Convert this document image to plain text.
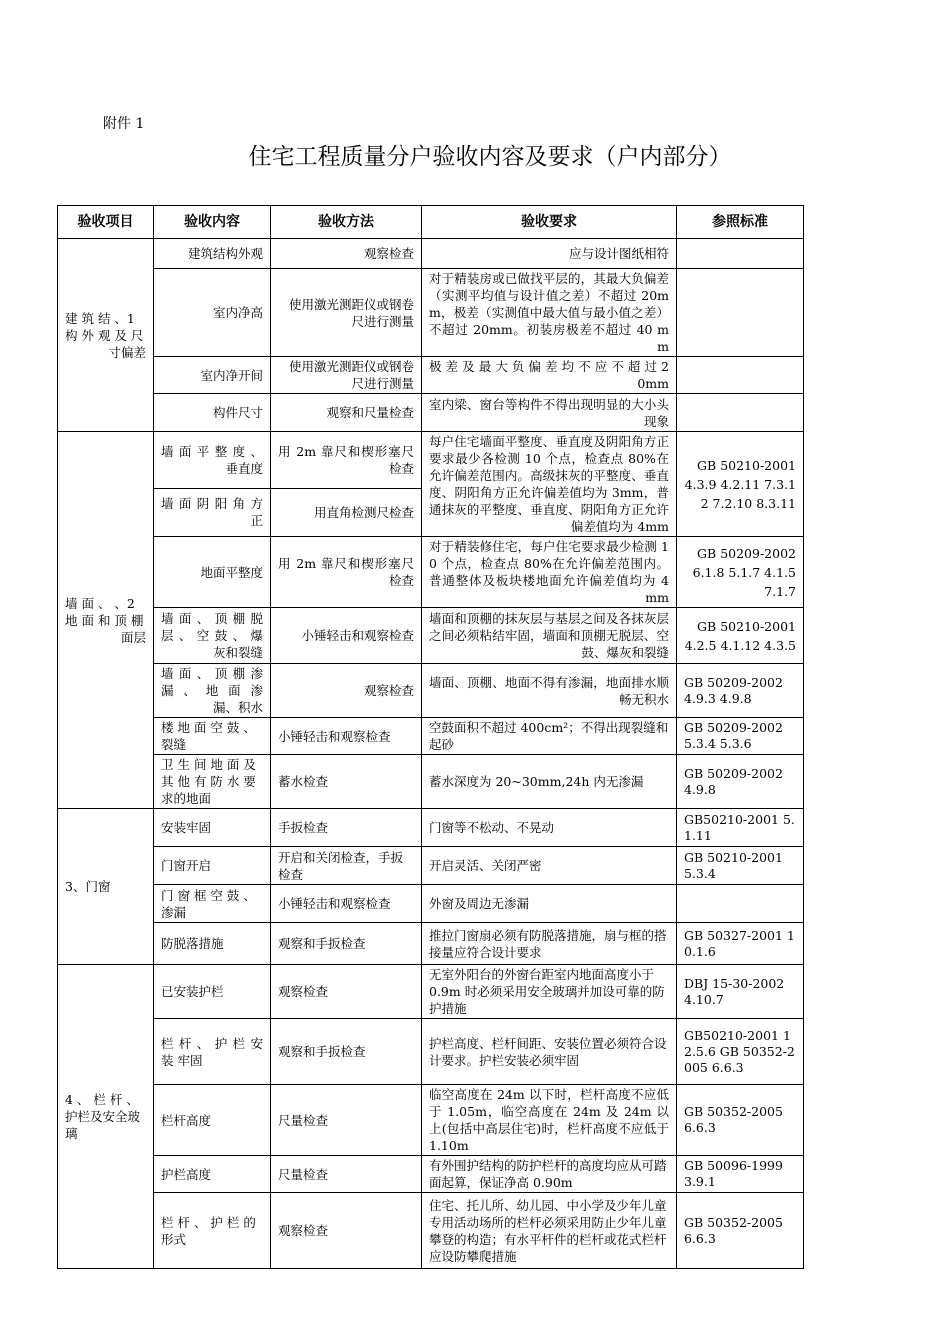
附件 1
住宅工程质量分户验收内容及要求（户内部分）
验收项目	验收内容	验收方法	验收要求	参照标准
建 筑 结 、1 构 外 观 及 尺 寸偏差	建筑结构外观	观察检查	应与设计图纸相符	
	室内净高	使用激光测距仪或钢卷尺进行测量	对于精装房或已做找平层的，其最大负偏差（实测平均值与设计值之差）不超过 20mm，极差（实测值中最大值与最小值之差）不超过 20mm。初装房极差不超过 40 mm	
	室内净开间	使用激光测距仪或钢卷尺进行测量	极 差 及 最 大 负 偏 差 均 不 应 不 超 过 20mm	
	构件尺寸	观察和尺量检查	室内梁、窗台等构件不得出现明显的大小头现象	
墙 面 、 、2 地 面 和 顶 棚 面层	墙 面 平 整 度 、 垂直度	用 2m 靠尺和楔形塞尺检查	每户住宅墙面平整度、垂直度及阴阳角方正要求最少各检测 10 个点，检查点 80%在允许偏差范围内。高级抹灰的平整度、垂直度、阴阳角方正允许偏差值均为 3mm，普通抹灰的平整度、垂直度、阴阳角方正允许偏差值均为 4mm	GB 50210-2001 4.3.9 4.2.11 7.3.12 7.2.10 8.3.11
	墙 面 阴 阳 角 方 正	用直角检测尺检查		
	地面平整度	用 2m 靠尺和楔形塞尺检查	对于精装修住宅，每户住宅要求最少检测 10 个点，检查点 80%在允许偏差范围内。普通整体及板块楼地面允许偏差值均为 4 mm	GB 50209-2002 6.1.8 5.1.7 4.1.5 7.1.7
	墙 面 、 顶 棚 脱 层 、 空 鼓 、 爆 灰和裂缝	小锤轻击和观察检查	墙面和顶棚的抹灰层与基层之间及各抹灰层之间必须粘结牢固，墙面和顶棚无脱层、空鼓、爆灰和裂缝	GB 50210-2001 4.2.5 4.1.12 4.3.5
	墙 面 、 顶 棚 渗 漏 、 地 面 渗 漏、积水	观察检查	墙面、顶棚、地面不得有渗漏，地面排水顺畅无积水	GB 50209-2002 4.9.3 4.9.8
	楼 地 面 空 鼓 、 裂缝	小锤轻击和观察检查	空鼓面积不超过 400cm²；不得出现裂缝和起砂	GB 50209-2002 5.3.4 5.3.6
	卫 生 间 地 面 及 其 他 有 防 水 要 求的地面	蓄水检查	蓄水深度为 20~30mm,24h 内无渗漏	GB 50209-2002 4.9.8
3、门窗	安装牢固	手扳检查	门窗等不松动、不晃动	GB50210-2001 5.1.11
	门窗开启	开启和关闭检查，手扳检查	开启灵活、关闭严密	GB 50210-2001 5.3.4
	门 窗 框 空 鼓 、 渗漏	小锤轻击和观察检查	外窗及周边无渗漏	
	防脱落措施	观察和手扳检查	推拉门窗扇必须有防脱落措施，扇与框的搭接量应符合设计要求	GB 50327-2001 10.1.6
4 、 栏 杆 、 护栏及安全玻璃	已安装护栏	观察检查	无室外阳台的外窗台距室内地面高度小于 0.9m 时必须采用安全玻璃并加设可靠的防护措施	DBJ 15-30-2002 4.10.7
	栏 杆 、 护 栏 安 装 牢固	观察和手扳检查	护栏高度、栏杆间距、安装位置必须符合设计要求。护栏安装必须牢固	GB50210-2001 12.5.6 GB 50352-2005 6.6.3
	栏杆高度	尺量检查	临空高度在 24m 以下时，栏杆高度不应低于 1.05m，临空高度在 24m 及 24m 以上(包括中高层住宅)时，栏杆高度不应低于 1.10m	GB 50352-2005 6.6.3
	护栏高度	尺量检查	有外围护结构的防护栏杆的高度均应从可踏面起算，保证净高 0.90m	GB 50096-1999 3.9.1
	栏 杆 、 护 栏 的 形式	观察检查	住宅、托儿所、幼儿园、中小学及少年儿童专用活动场所的栏杆必须采用防止少年儿童攀登的构造；有水平杆件的栏杆或花式栏杆应设防攀爬措施	GB 50352-2005 6.6.3
